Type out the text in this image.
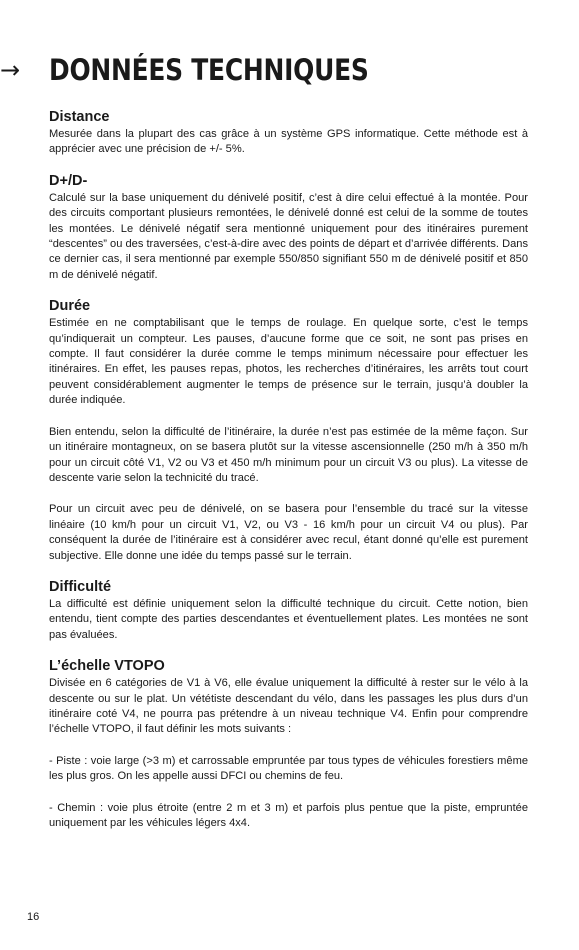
→ DONNÉES TECHNIQUES
Distance

Mesurée dans la plupart des cas grâce à un système GPS informatique. Cette méthode est à apprécier avec une précision de +/- 5%.

D+/D-

Calculé sur la base uniquement du dénivelé positif, c’est à dire celui effectué à la montée. Pour des circuits comportant plusieurs remontées, le dénivelé donné est celui de la somme de toutes les montées. Le dénivelé négatif sera mentionné uniquement pour des itinéraires purement “descentes” ou des traversées, c’est-à-dire avec des points de départ et d’arrivée différents. Dans ce dernier cas, il sera mentionné par exemple 550/850 signifiant 550 m de dénivelé positif et 850 m de dénivelé négatif.

Durée

Estimée en ne comptabilisant que le temps de roulage. En quelque sorte, c’est le temps qu’indiquerait un compteur. Les pauses, d’aucune forme que ce soit, ne sont pas prises en compte. Il faut considérer la durée comme le temps minimum nécessaire pour effectuer les itinéraires. En effet, les pauses repas, photos, les recherches d’itinéraires, les arrêts tout court peuvent considérablement augmenter le temps de présence sur le terrain, jusqu’à doubler la durée indiquée.

Bien entendu, selon la difficulté de l’itinéraire, la durée n’est pas estimée de la même façon. Sur un itinéraire montagneux, on se basera plutôt sur la vitesse ascensionnelle (250 m/h à 350 m/h pour un circuit côté V1, V2 ou V3 et 450 m/h minimum pour un circuit V3 ou plus). La vitesse de descente varie selon la technicité du tracé.

Pour un circuit avec peu de dénivelé, on se basera pour l’ensemble du tracé sur la vitesse linéaire (10 km/h pour un circuit V1, V2, ou V3 - 16 km/h pour un circuit V4 ou plus). Par conséquent la durée de l’itinéraire est à considérer avec recul, étant donné qu’elle est purement subjective. Elle donne une idée du temps passé sur le terrain.

Difficulté

La difficulté est définie uniquement selon la difficulté technique du circuit. Cette notion, bien entendu, tient compte des parties descendantes et éventuellement plates. Les montées ne sont pas évaluées.

L’échelle VTOPO

Divisée en 6 catégories de V1 à V6, elle évalue uniquement la difficulté à rester sur le vélo à la descente ou sur le plat. Un vététiste descendant du vélo, dans les passages les plus durs d’un itinéraire coté V4, ne pourra pas prétendre à un niveau technique V4. Enfin pour comprendre l’échelle VTOPO, il faut définir les mots suivants :

- Piste : voie large (>3 m) et carrossable empruntée par tous types de véhicules forestiers même les plus gros. On les appelle aussi DFCI ou chemins de feu.

- Chemin : voie plus étroite (entre 2 m et 3 m) et parfois plus pentue que la piste, empruntée uniquement par les véhicules légers 4x4.

16
